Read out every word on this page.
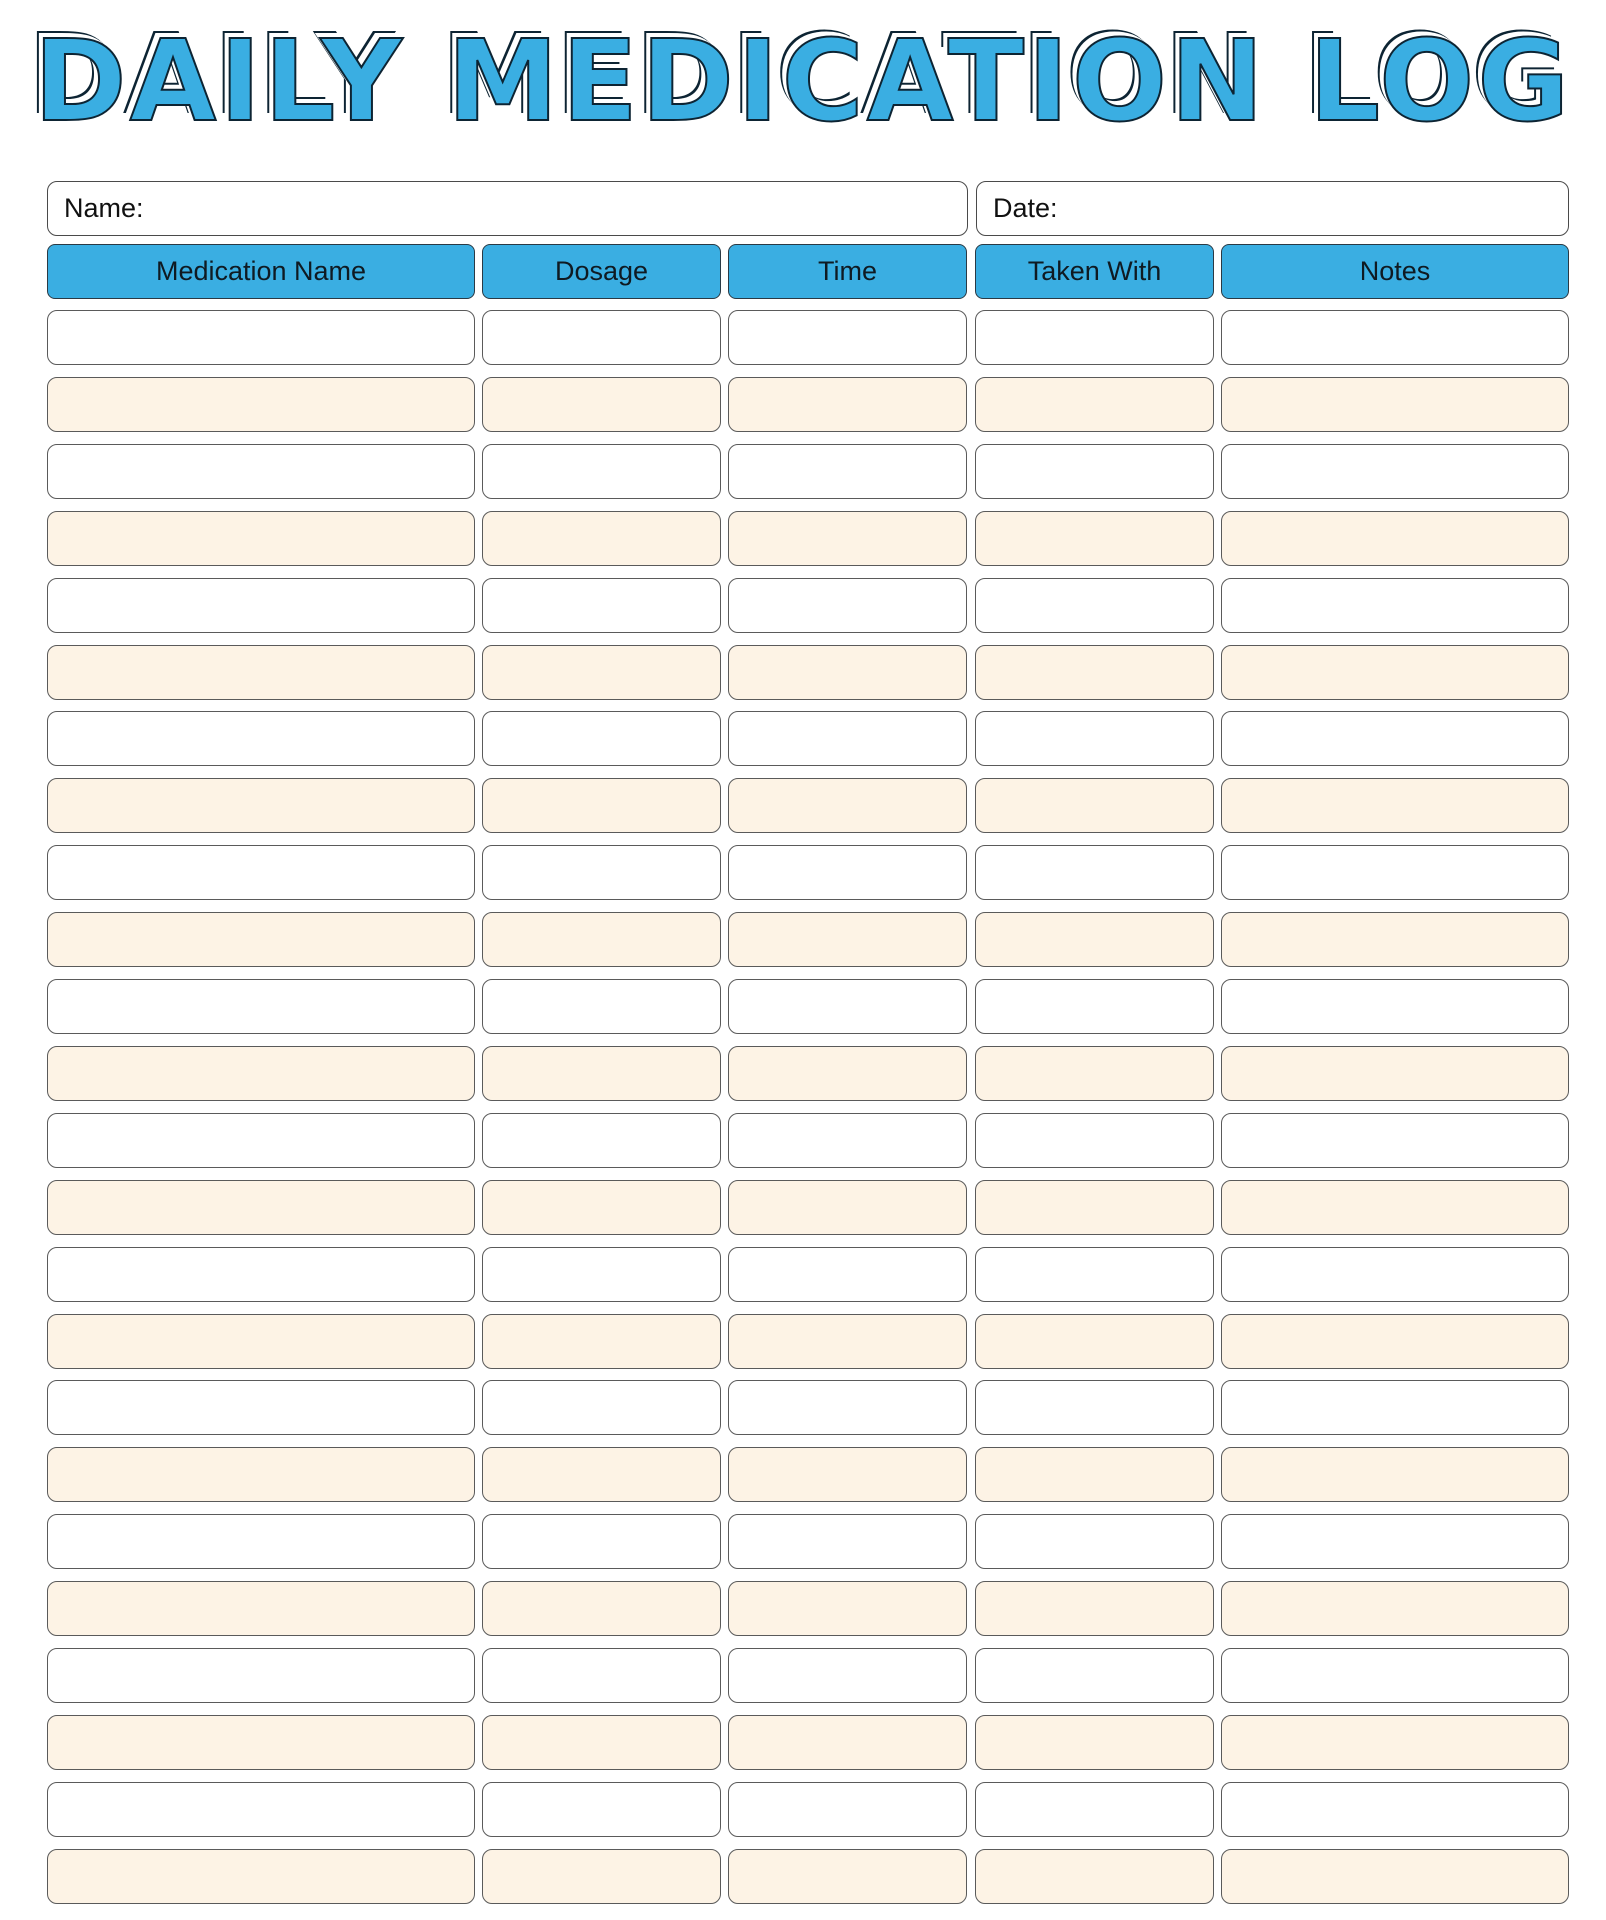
DAILY MEDICATION LOG
Name:	Date:
Medication Name	Dosage	Time	Taken With	Notes
